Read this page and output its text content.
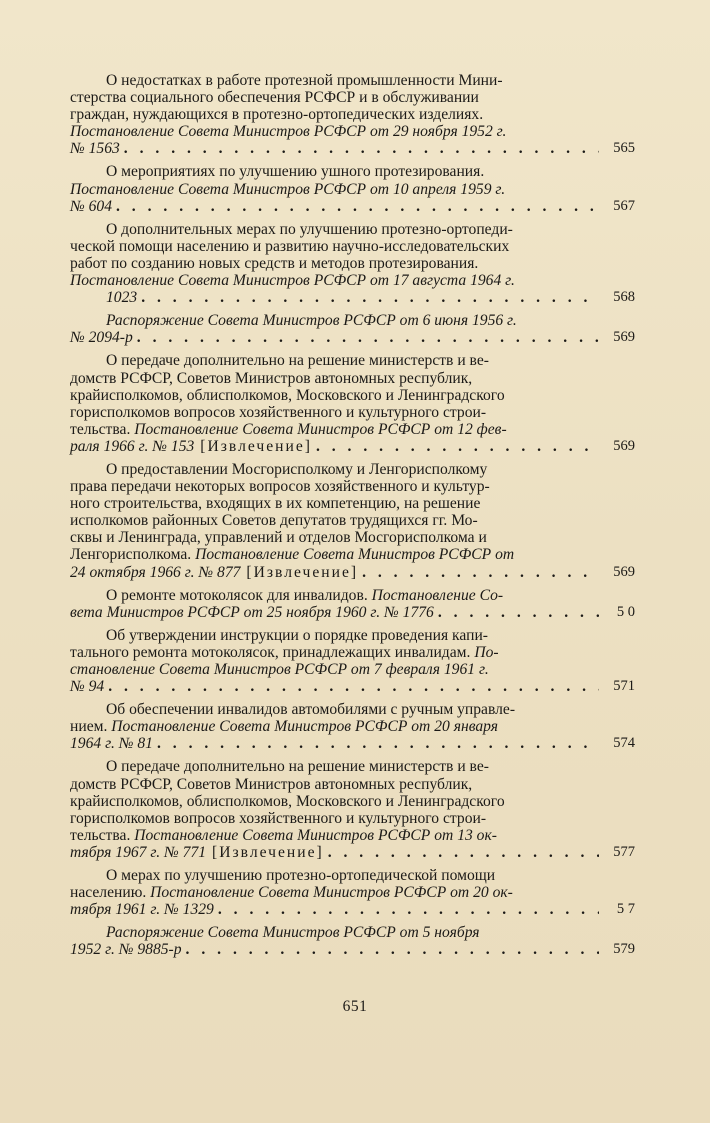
О недостатках в работе протезной промышленности Мини-
стерства социального обеспечения РСФСР и в обслуживании
граждан, нуждающихся в протезно-ортопедических изделиях.
Постановление Совета Министров РСФСР от 29 ноября 1952 г.
№ 1563 . . .	565
О мероприятиях по улучшению ушного протезирования.
Постановление Совета Министров РСФСР от 10 апреля 1959 г.
№ 604 . . .	567
О дополнительных мерах по улучшению протезно-ортопеди-
ческой помощи населению и развитию научно-исследовательских
работ по созданию новых средств и методов протезирования.
Постановление Совета Министров РСФСР от 17 августа 1964 г.
1023 . . .	568
Распоряжение Совета Министров РСФСР от 6 июня 1956 г.
№ 2094-р . . .	569
О передаче дополнительно на решение министерств и ве-
домств РСФСР, Советов Министров автономных республик,
крайисполкомов, облисполкомов, Московского и Ленинградского
горисполкомов вопросов хозяйственного и культурного строи-
тельства. Постановление Совета Министров РСФСР от 12 фев-
раля 1966 г. № 153 [Извлечение] . . .	569
О предоставлении Мосгорисполкому и Ленгорисполкому
права передачи некоторых вопросов хозяйственного и культур-
ного строительства, входящих в их компетенцию, на решение
исполкомов районных Советов депутатов трудящихся гг. Мо-
сквы и Ленинграда, управлений и отделов Мосгорисполкома и
Ленгорисполкома. Постановление Совета Министров РСФСР от
24 октября 1966 г. № 877 [Извлечение] . . .	569
О ремонте мотоколясок для инвалидов. Постановление Со-
вета Министров РСФСР от 25 ноября 1960 г. № 1776 . . .	5 0
Об утверждении инструкции о порядке проведения капи-
тального ремонта мотоколясок, принадлежащих инвалидам. По-
становление Совета Министров РСФСР от 7 февраля 1961 г.
№ 94 . . .	571
Об обеспечении инвалидов автомобилями с ручным управле-
нием. Постановление Совета Министров РСФСР от 20 января
1964 г. № 81 . . .	574
О передаче дополнительно на решение министерств и ве-
домств РСФСР, Советов Министров автономных республик,
крайисполкомов, облисполкомов, Московского и Ленинградского
горисполкомов вопросов хозяйственного и культурного строи-
тельства. Постановление Совета Министров РСФСР от 13 ок-
тября 1967 г. № 771 [Извлечение] . . .	577
О мерах по улучшению протезно-ортопедической помощи
населению. Постановление Совета Министров РСФСР от 20 ок-
тября 1961 г. № 1329 . . .	5 7
Распоряжение Совета Министров РСФСР от 5 ноября
1952 г. № 9885-р . . .	579
651
